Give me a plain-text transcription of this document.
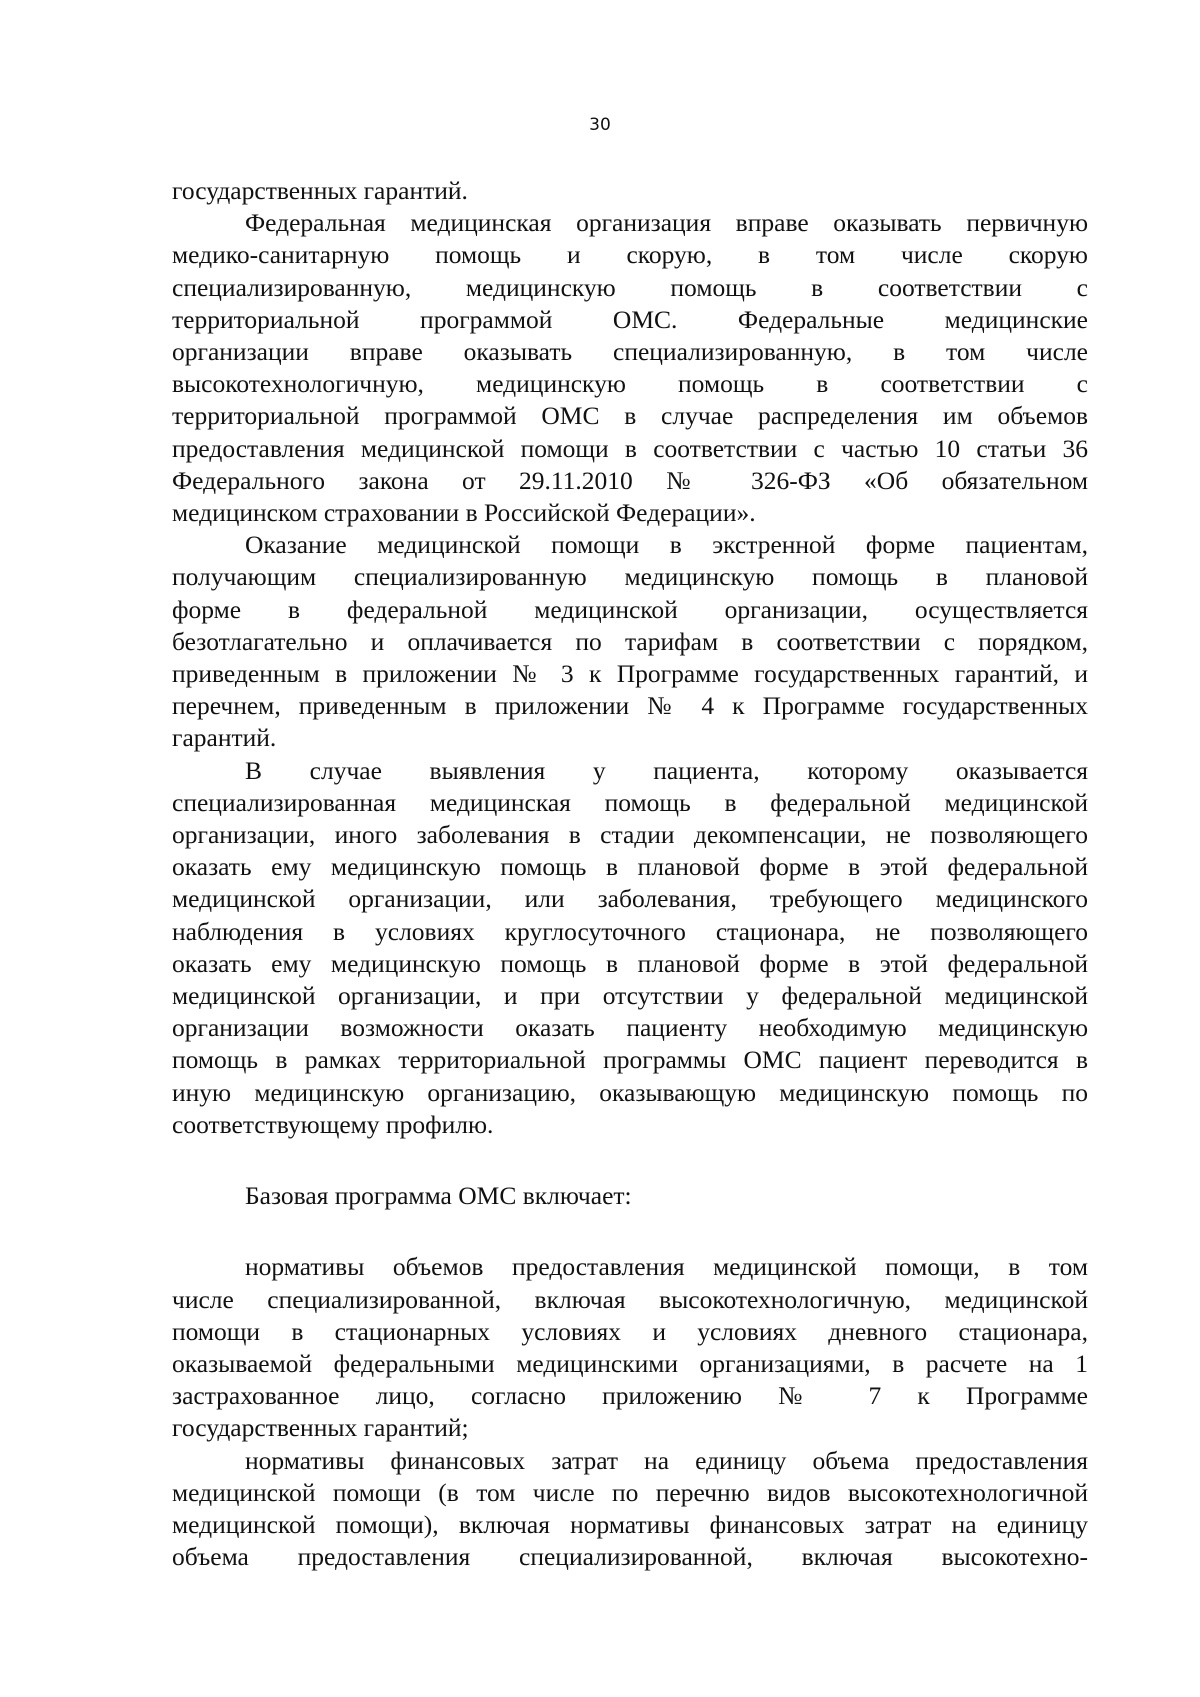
30
государственных гарантий.
Федеральная медицинская организация вправе оказывать первичную
медико-санитарную помощь и скорую, в том числе скорую
специализированную, медицинскую помощь в соответствии с
территориальной программой ОМС. Федеральные медицинские
организации вправе оказывать специализированную, в том числе
высокотехнологичную, медицинскую помощь в соответствии с
территориальной программой ОМС в случае распределения им объемов
предоставления медицинской помощи в соответствии с частью 10 статьи 36
Федерального закона от 29.11.2010 № 326-ФЗ «Об обязательном
медицинском страховании в Российской Федерации».
Оказание медицинской помощи в экстренной форме пациентам,
получающим специализированную медицинскую помощь в плановой
форме в федеральной медицинской организации, осуществляется
безотлагательно и оплачивается по тарифам в соответствии с порядком,
приведенным в приложении № 3 к Программе государственных гарантий, и
перечнем, приведенным в приложении № 4 к Программе государственных
гарантий.
В случае выявления у пациента, которому оказывается
специализированная медицинская помощь в федеральной медицинской
организации, иного заболевания в стадии декомпенсации, не позволяющего
оказать ему медицинскую помощь в плановой форме в этой федеральной
медицинской организации, или заболевания, требующего медицинского
наблюдения в условиях круглосуточного стационара, не позволяющего
оказать ему медицинскую помощь в плановой форме в этой федеральной
медицинской организации, и при отсутствии у федеральной медицинской
организации возможности оказать пациенту необходимую медицинскую
помощь в рамках территориальной программы ОМС пациент переводится в
иную медицинскую организацию, оказывающую медицинскую помощь по
соответствующему профилю.
Базовая программа ОМС включает:
нормативы объемов предоставления медицинской помощи, в том
числе специализированной, включая высокотехнологичную, медицинской
помощи в стационарных условиях и условиях дневного стационара,
оказываемой федеральными медицинскими организациями, в расчете на 1
застрахованное лицо, согласно приложению № 7 к Программе
государственных гарантий;
нормативы финансовых затрат на единицу объема предоставления
медицинской помощи (в том числе по перечню видов высокотехнологичной
медицинской помощи), включая нормативы финансовых затрат на единицу
объема предоставления специализированной, включая высокотехно-
